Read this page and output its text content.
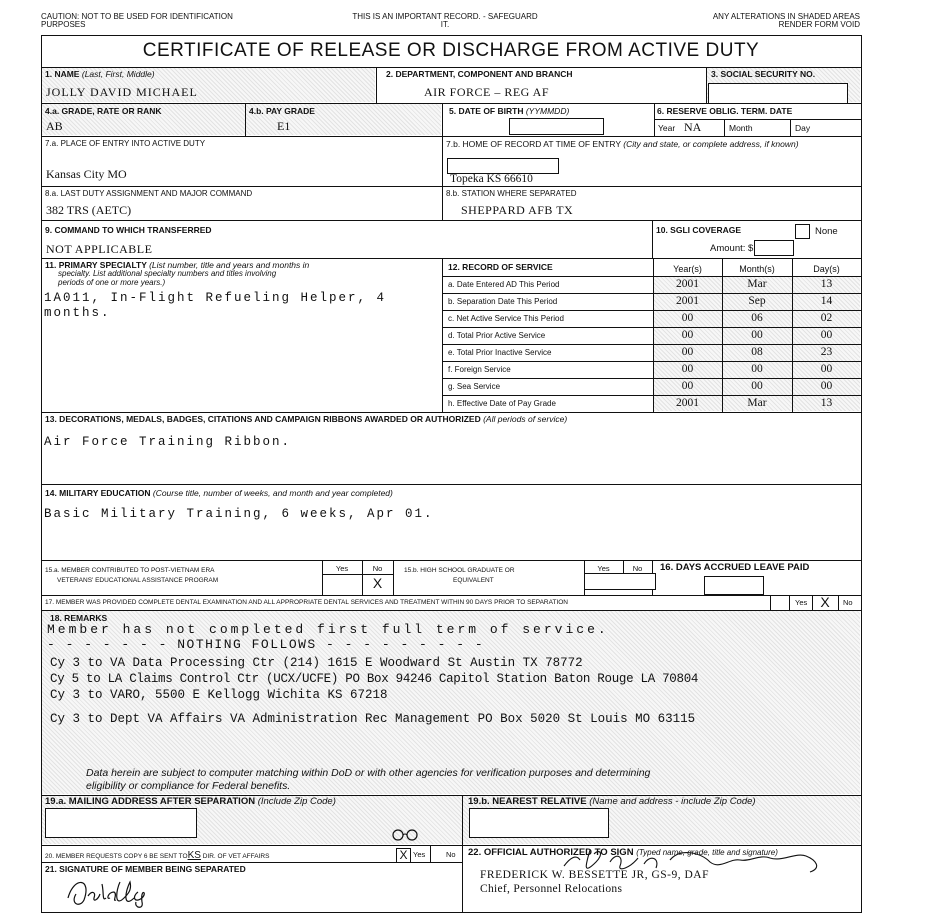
CAUTION: NOT TO BE USED FOR IDENTIFICATION PURPOSES
THIS IS AN IMPORTANT RECORD. - SAFEGUARD IT.
ANY ALTERATIONS IN SHADED AREAS RENDER FORM VOID
CERTIFICATE OF RELEASE OR DISCHARGE FROM ACTIVE DUTY
1. NAME (Last, First, Middle)
JOLLY DAVID MICHAEL
2. DEPARTMENT, COMPONENT AND BRANCH
AIR FORCE – REG AF
3. SOCIAL SECURITY NO.
4.a. GRADE, RATE OR RANK
AB
4.b. PAY GRADE
E1
5. DATE OF BIRTH (YYMMDD)	6. RESERVE OBLIG. TERM. DATE
Year NA	Month	Day
7.a. PLACE OF ENTRY INTO ACTIVE DUTY
Kansas City MO
7.b. HOME OF RECORD AT TIME OF ENTRY (City and state, or complete address, if known)
Topeka KS 66610
8.a. LAST DUTY ASSIGNMENT AND MAJOR COMMAND
382 TRS (AETC)
8.b. STATION WHERE SEPARATED
SHEPPARD AFB TX
9. COMMAND TO WHICH TRANSFERRED
NOT APPLICABLE
10. SGLI COVERAGE	None
Amount: $
11. PRIMARY SPECIALTY (List number, title and years and months in
specialty. List additional specialty numbers and titles involving
periods of one or more years.)
1A011, In-Flight Refueling Helper, 4
months.
12. RECORD OF SERVICE	Year(s)	Month(s)	Day(s)
a. Date Entered AD This Period	2001	Mar	13
b. Separation Date This Period	2001	Sep	14
c. Net Active Service This Period	00	06	02
d. Total Prior Active Service	00	00	00
e. Total Prior Inactive Service	00	08	23
f. Foreign Service	00	00	00
g. Sea Service	00	00	00
h. Effective Date of Pay Grade	2001	Mar	13
13. DECORATIONS, MEDALS, BADGES, CITATIONS AND CAMPAIGN RIBBONS AWARDED OR AUTHORIZED (All periods of service)
Air Force Training Ribbon.
14. MILITARY EDUCATION (Course title, number of weeks, and month and year completed)
Basic Military Training, 6 weeks, Apr 01.
15.a. MEMBER CONTRIBUTED TO POST-VIETNAM ERA
VETERANS' EDUCATIONAL ASSISTANCE PROGRAM
Yes	No
X
15.b. HIGH SCHOOL GRADUATE OR
EQUIVALENT
Yes	No	16. DAYS ACCRUED LEAVE PAID
17. MEMBER WAS PROVIDED COMPLETE DENTAL EXAMINATION AND ALL APPROPRIATE DENTAL SERVICES AND TREATMENT WITHIN 90 DAYS PRIOR TO SEPARATION	Yes X	No
18. REMARKS
Member has not completed first full term of service.
- - - - - - - NOTHING FOLLOWS - - - - - - - - -
Cy 3 to VA Data Processing Ctr (214) 1615 E Woodward St Austin TX 78772
Cy 5 to LA Claims Control Ctr (UCX/UCFE) PO Box 94246 Capitol Station Baton Rouge LA 70804
Cy 3 to VARO, 5500 E Kellogg Wichita KS 67218
Cy 3 to Dept VA Affairs VA Administration Rec Management PO Box 5020 St Louis MO 63115
Data herein are subject to computer matching within DoD or with other agencies for verification purposes and determining
eligibility or compliance for Federal benefits.
19.a. MAILING ADDRESS AFTER SEPARATION (Include Zip Code)	19.b. NEAREST RELATIVE (Name and address - include Zip Code)
20. MEMBER REQUESTS COPY 6 BE SENT TOKS DIR. OF VET AFFAIRS	X Yes	No
21. SIGNATURE OF MEMBER BEING SEPARATED
22. OFFICIAL AUTHORIZED TO SIGN (Typed name, grade, title and signature)
FREDERICK W. BESSETTE JR, GS-9, DAF
Chief, Personnel Relocations
